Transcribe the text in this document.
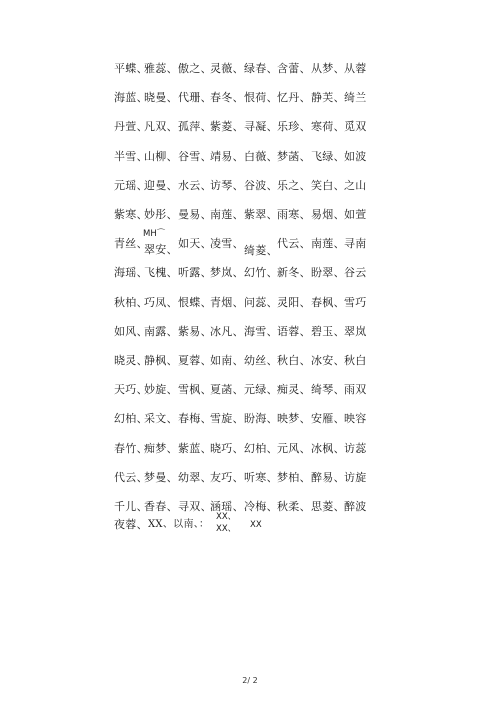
平蝶、
雅蕊、 傲之、
灵薇、 绿春、 含蕾、 从梦、 从蓉
海蓝、
晓曼、 代珊、
春冬、 恨荷、 忆丹、 静芙、 绮兰
丹萱、
凡双、 孤萍、
紫菱、 寻凝、 乐珍、 寒荷、 觅双
半雪、
山柳、 谷雪、
靖易、 白薇、 梦菡、 飞绿、 如波
元瑶、
迎曼、 水云、
访琴、 谷波、 乐之、 笑白、 之山
紫寒、
妙彤、 曼易、
南莲、 紫翠、 雨寒、 易烟、 如萱
青丝、
翠安、 如天、
凌雪、
绮菱、
代云、 南莲、 寻南
海瑶、
飞槐、 听露、
梦岚、 幻竹、 新冬、 盼翠、 谷云
秋柏、
巧凤、 恨蝶、
青烟、 问蕊、 灵阳、 春枫、 雪巧
如风、
南露、 紫易、
冰凡、 海雪、 语蓉、 碧玉、 翠岚
晓灵、
静枫、 夏蓉、
如南、 幼丝、 秋白、 冰安、 秋白
天巧、
妙旋、 雪枫、
夏菡、 元绿、 痴灵、 绮琴、 雨双
幻柏、
采文、 春梅、
雪旋、 盼海、 映梦、 安雁、 映容
春竹、
痴梦、 紫蓝、
晓巧、 幻柏、 元风、 冰枫、 访蕊
代云、
梦曼、 幼翠、
友巧、 听寒、 梦柏、 醉易、 访旋
千儿、
香春、 寻双、
涵瑶、 冷梅、 秋柔、 思菱、 醉波
MH⌒
夜蓉、 XX、以南、：
XX、
XX、 XX
2/ 2
